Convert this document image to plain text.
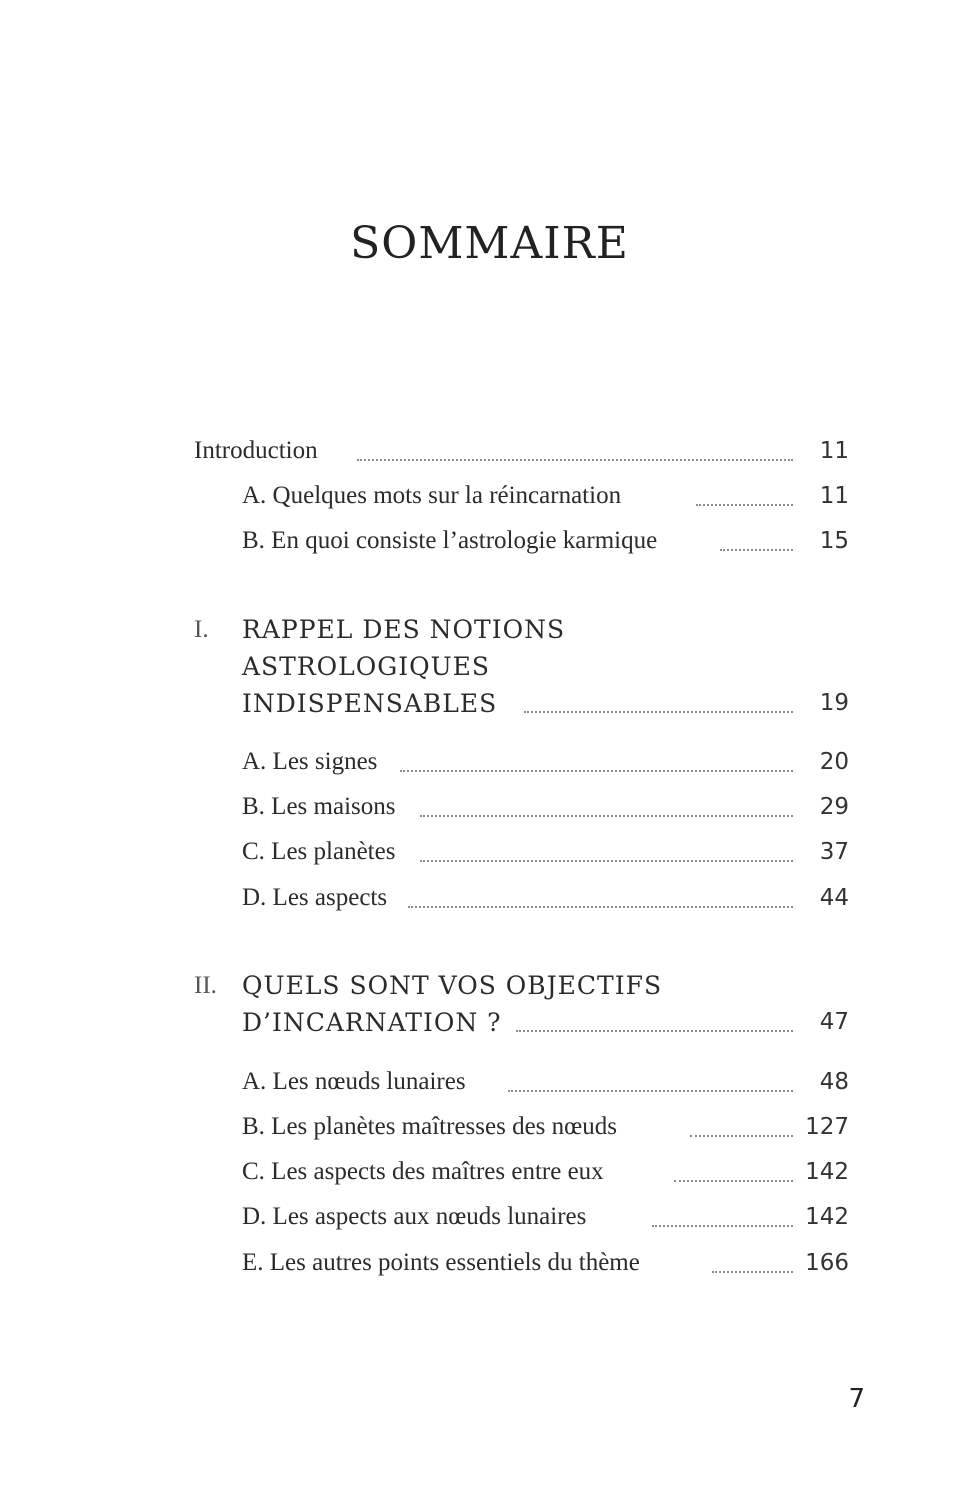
SOMMAIRE
Introduction	11
A. Quelques mots sur la réincarnation	11
B. En quoi consiste l’astrologie karmique	15
I. RAPPEL DES NOTIONS
ASTROLOGIQUES
INDISPENSABLES	19
A. Les signes	20
B. Les maisons	29
C. Les planètes	37
D. Les aspects	44
II. QUELS SONT VOS OBJECTIFS
D’INCARNATION ?	47
A. Les nœuds lunaires	48
B. Les planètes maîtresses des nœuds	127
C. Les aspects des maîtres entre eux	142
D. Les aspects aux nœuds lunaires	142
E. Les autres points essentiels du thème	166
7
